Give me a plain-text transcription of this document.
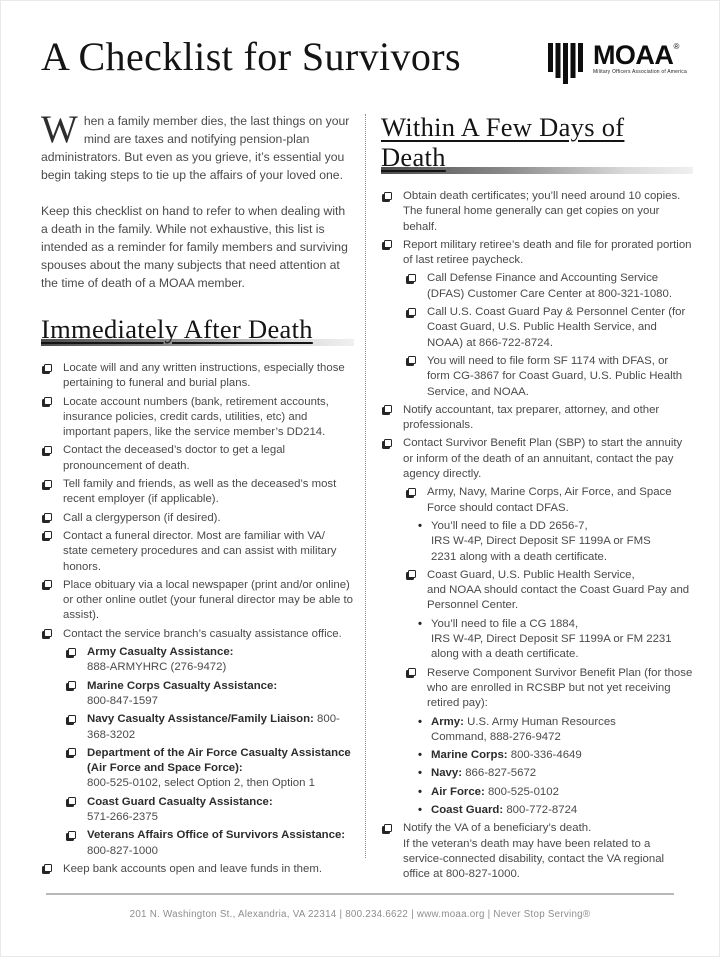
A Checklist for Survivors	MOAA®
Military Officers Association of America

When a family member dies, the last things on your mind are taxes and notifying pension-plan administrators. But even as you grieve, it’s essential you begin taking steps to tie up the affairs of your loved one.

Keep this checklist on hand to refer to when dealing with a death in the family. While not exhaustive, this list is intended as a reminder for family members and surviving spouses about the many subjects that need attention at the time of death of a MOAA member.

Immediately After Death
Locate will and any written instructions, especially those pertaining to funeral and burial plans.
Locate account numbers (bank, retirement accounts, insurance policies, credit cards, utilities, etc) and important papers, like the service member’s DD214.
Contact the deceased’s doctor to get a legal pronouncement of death.
Tell family and friends, as well as the deceased’s most recent employer (if applicable).
Call a clergyperson (if desired).
Contact a funeral director. Most are familiar with VA/
state cemetery procedures and can assist with military honors.
Place obituary via a local newspaper (print and/or online) or other online outlet (your funeral director may be able to assist).
Contact the service branch’s casualty assistance office.
Army Casualty Assistance:
888-ARMYHRC (276-9472)
Marine Corps Casualty Assistance:
800-847-1597
Navy Casualty Assistance/Family Liaison: 800-
368-3202
Department of the Air Force Casualty Assistance (Air Force and Space Force):
800-525-0102, select Option 2, then Option 1
Coast Guard Casualty Assistance:
571-266-2375
Veterans Affairs Office of Survivors Assistance:
800-827-1000
Keep bank accounts open and leave funds in them.
Within A Few Days of Death
Obtain death certificates; you’ll need around 10 copies. The funeral home generally can get copies on your behalf.
Report military retiree’s death and file for prorated portion of last retiree paycheck.
Call Defense Finance and Accounting Service (DFAS) Customer Care Center at 800-321-1080.
Call U.S. Coast Guard Pay & Personnel Center (for Coast Guard, U.S. Public Health Service, and NOAA) at 866-722-8724.
You will need to file form SF 1174 with DFAS, or form CG-3867 for Coast Guard, U.S. Public Health Service, and NOAA.
Notify accountant, tax preparer, attorney, and other professionals.
Contact Survivor Benefit Plan (SBP) to start the annuity or inform of the death of an annuitant, contact the pay agency directly.
Army, Navy, Marine Corps, Air Force, and Space Force should contact DFAS.
• You’ll need to file a DD 2656-7,
IRS W-4P, Direct Deposit SF 1199A or FMS
2231 along with a death certificate.
Coast Guard, U.S. Public Health Service,
and NOAA should contact the Coast Guard Pay and Personnel Center.
• You’ll need to file a CG 1884,
IRS W-4P, Direct Deposit SF 1199A or FM 2231 along with a death certificate.
Reserve Component Survivor Benefit Plan (for those who are enrolled in RCSBP but not yet receiving retired pay):
• Army: U.S. Army Human Resources
Command, 888-276-9472
• Marine Corps: 800-336-4649
• Navy: 866-827-5672
• Air Force: 800-525-0102
• Coast Guard: 800-772-8724
Notify the VA of a beneficiary’s death.
If the veteran’s death may have been related to a service-connected disability, contact the VA regional office at 800-827-1000.
201 N. Washington St., Alexandria, VA 22314 | 800.234.6622 | www.moaa.org | Never Stop Serving®
